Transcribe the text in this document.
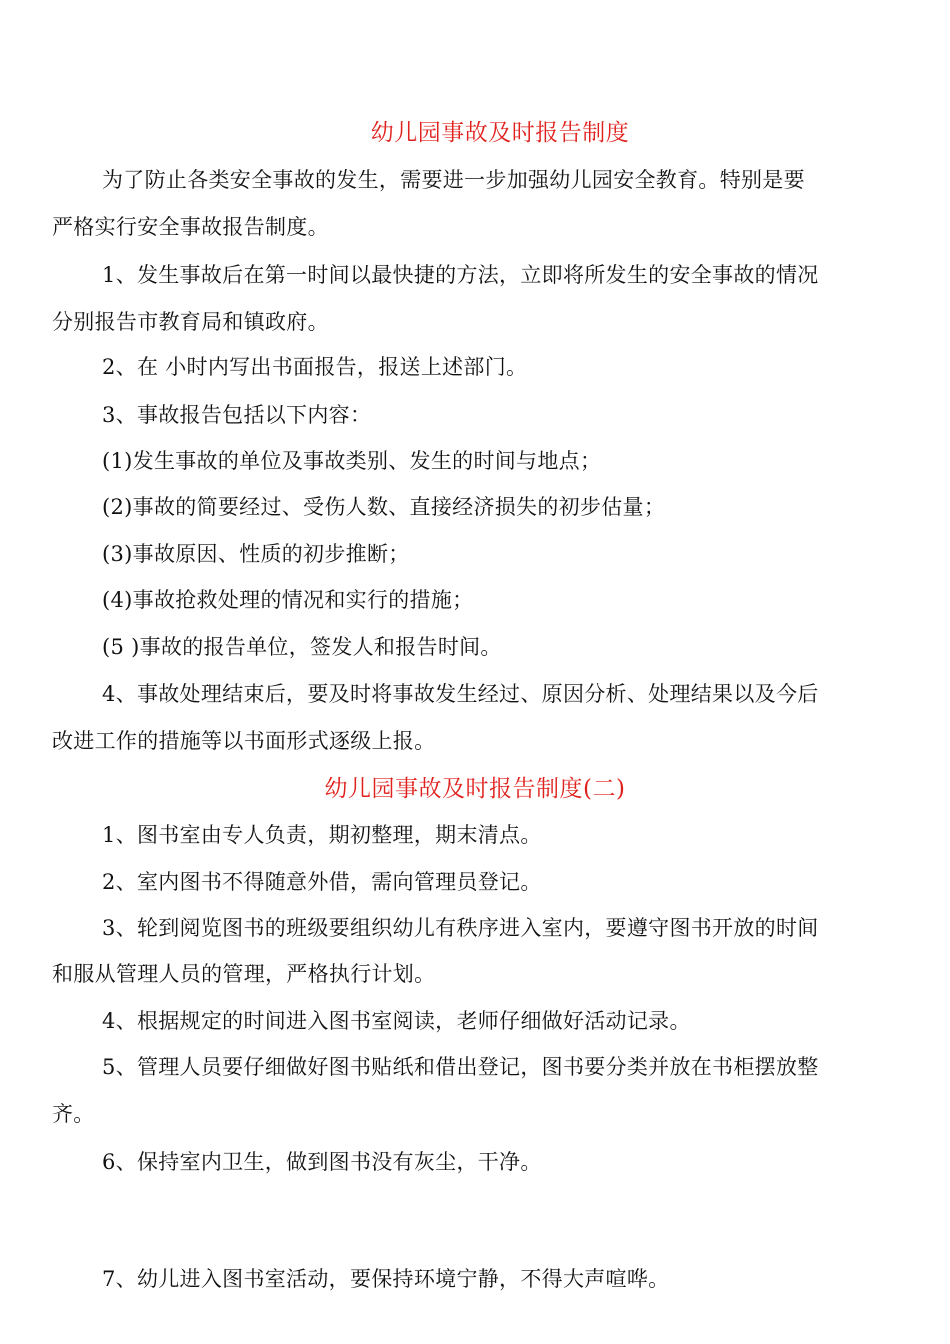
幼儿园事故及时报告制度
为了防止各类安全事故的发生，需要进一步加强幼儿园安全教育。特别是要
严格实行安全事故报告制度。
1、发生事故后在第一时间以最快捷的方法，立即将所发生的安全事故的情况
分别报告市教育局和镇政府。
2、在 小时内写出书面报告，报送上述部门。
3、事故报告包括以下内容：
(1)发生事故的单位及事故类别、发生的时间与地点；
(2)事故的简要经过、受伤人数、直接经济损失的初步估量；
(3)事故原因、性质的初步推断；
(4)事故抢救处理的情况和实行的措施；
(5 )事故的报告单位，签发人和报告时间。
4、事故处理结束后，要及时将事故发生经过、原因分析、处理结果以及今后
改进工作的措施等以书面形式逐级上报。
幼儿园事故及时报告制度(二)
1、图书室由专人负责，期初整理，期末清点。
2、室内图书不得随意外借，需向管理员登记。
3、轮到阅览图书的班级要组织幼儿有秩序进入室内，要遵守图书开放的时间
和服从管理人员的管理，严格执行计划。
4、根据规定的时间进入图书室阅读，老师仔细做好活动记录。
5、管理人员要仔细做好图书贴纸和借出登记，图书要分类并放在书柜摆放整
齐。
6、保持室内卫生，做到图书没有灰尘，干净。
7、幼儿进入图书室活动，要保持环境宁静，不得大声喧哗。
